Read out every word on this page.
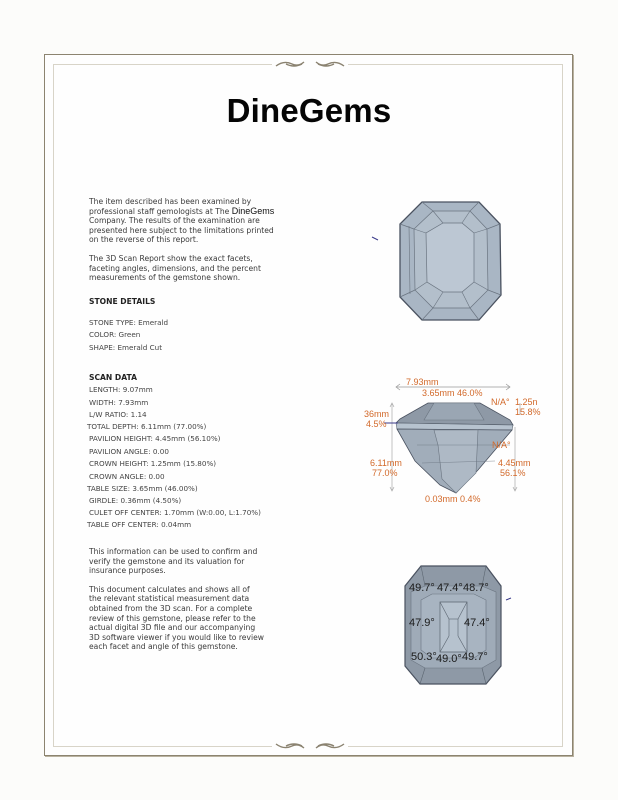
DineGems

The item described has been examined by professional staff gemologists at The DineGems Company. The results of the examination are presented here subject to the limitations printed on the reverse of this report.

The 3D Scan Report show the exact facets, faceting angles, dimensions, and the percent measurements of the gemstone shown.

STONE DETAILS
STONE TYPE: Emerald
COLOR: Green
SHAPE: Emerald Cut
SCAN DATA
LENGTH: 9.07mm
WIDTH: 7.93mm
L/W RATIO: 1.14
TOTAL DEPTH: 6.11mm (77.00%)
PAVILION HEIGHT: 4.45mm (56.10%)
PAVILION ANGLE: 0.00
CROWN HEIGHT: 1.25mm (15.80%)
CROWN ANGLE: 0.00
TABLE SIZE: 3.65mm (46.00%)
GIRDLE: 0.36mm (4.50%)
CULET OFF CENTER: 1.70mm (W:0.00, L:1.70%)
TABLE OFF CENTER: 0.04mm

This information can be used to confirm and verify the gemstone and its valuation for insurance purposes.

This document calculates and shows all of the relevant statistical measurement data obtained from the 3D scan. For a complete review of this gemstone, please refer to the actual digital 3D file and our accompanying 3D software viewer if you would like to review each facet and angle of this gemstone.

7.93mm
3.65mm 46.0%
N/A° 1.25n
15.8%
36mm
4.5%
N/A°
6.11mm
77.0%
4.45mm
56.1%
0.03mm 0.4%
49.7° 47.4° 48.7°
47.9°	47.4°
50.3° 49.0° 49.7°
